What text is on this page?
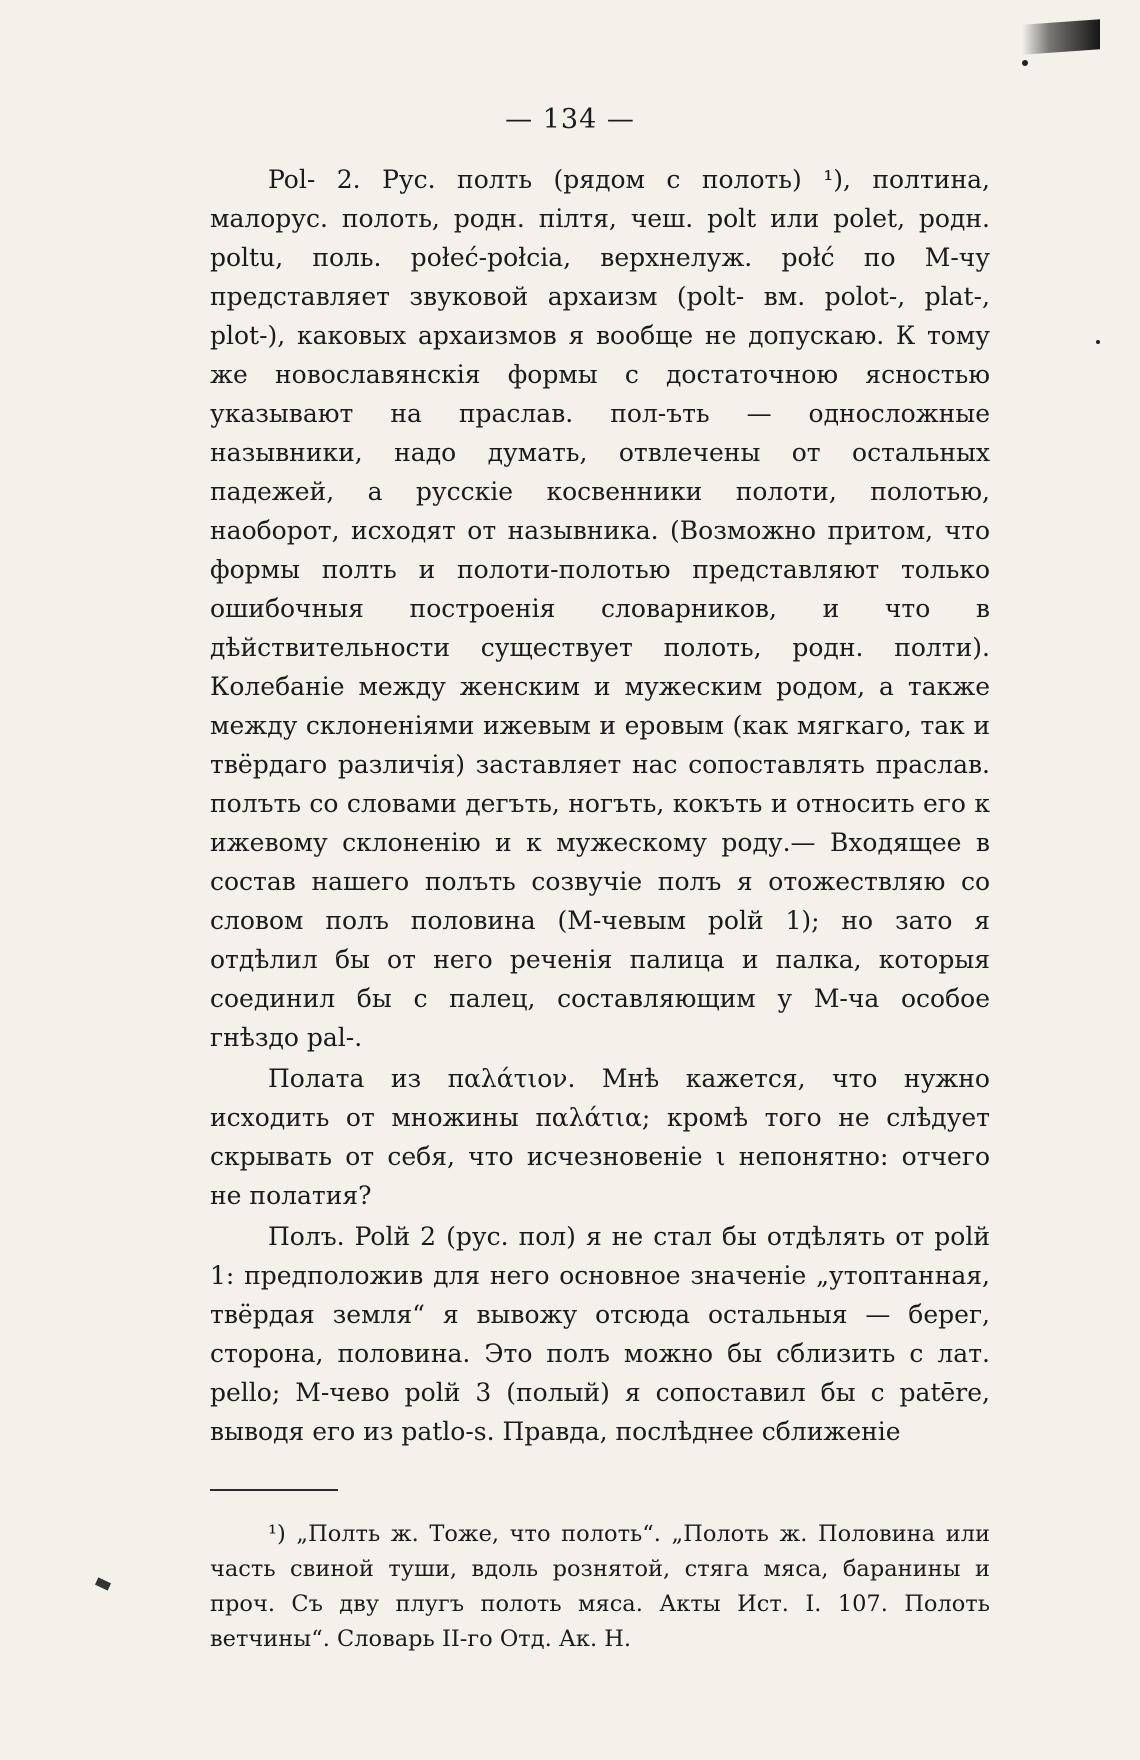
— 134 —

Pol- 2. Рус. полть (рядом с полоть) ¹), полтина, малорус. полоть, родн. пiлтя, чеш. polt или polet, родн. poltu, поль. połeć-połcia, верхнелуж. połć по М-чу представляет звуковой архаизм (polt- вм. polot-, plat-, plot-), каковых архаизмов я вообще не допускаю. К тому же новославянскiя формы с достаточною ясностью указывают на праслав. пол-ъть — односложные назывники, надо думать, отвлечены от остальных падежей, а русскiе косвенники полоти, полотью, наоборот, исходят от назывника. (Возможно притом, что формы полть и полоти-полотью представляют только ошибочныя построенiя словарников, и что в дѣйствительности существует полоть, родн. полти). Колебанiе между женским и мужеским родом, а также между склоненiями ижевым и еровым (как мягкаго, так и твёрдаго различiя) заставляет нас сопоставлять праслав. полъть со словами дегъть, ногъть, кокъть и относить его к ижевому склоненiю и к мужескому роду.— Входящее в состав нашего полъть созвучiе полъ я отожествляю со словом полъ половина (М-чевым polй 1); но зато я отдѣлил бы от него реченiя палица и палка, которыя соединил бы с палец, составляющим у М-ча особое гнѣздо pal-.

Полата из παλάτιον. Мнѣ кажется, что нужно исходить от множины παλάτια; кромѣ того не слѣдует скрывать от себя, что исчезновенiе ι непонятно: отчего не полатия?

Полъ. Polй 2 (рус. пол) я не стал бы отдѣлять от polй 1: предположив для него основное значенiе „утоптанная, твёрдая земля“ я вывожу отсюда остальныя — берег, сторона, половина. Это полъ можно бы сблизить с лат. pello; М-чево polй 3 (полый) я сопоставил бы с patēre, выводя его из patlo-s. Правда, послѣднее сближенiе

¹) „Полть ж. Тоже, что полоть“. „Полоть ж. Половина или часть свиной туши, вдоль рознятой, стяга мяса, баранины и проч. Съ дву плугъ полоть мяса. Акты Ист. I. 107. Полоть ветчины“. Словарь II-го Отд. Ак. Н.
